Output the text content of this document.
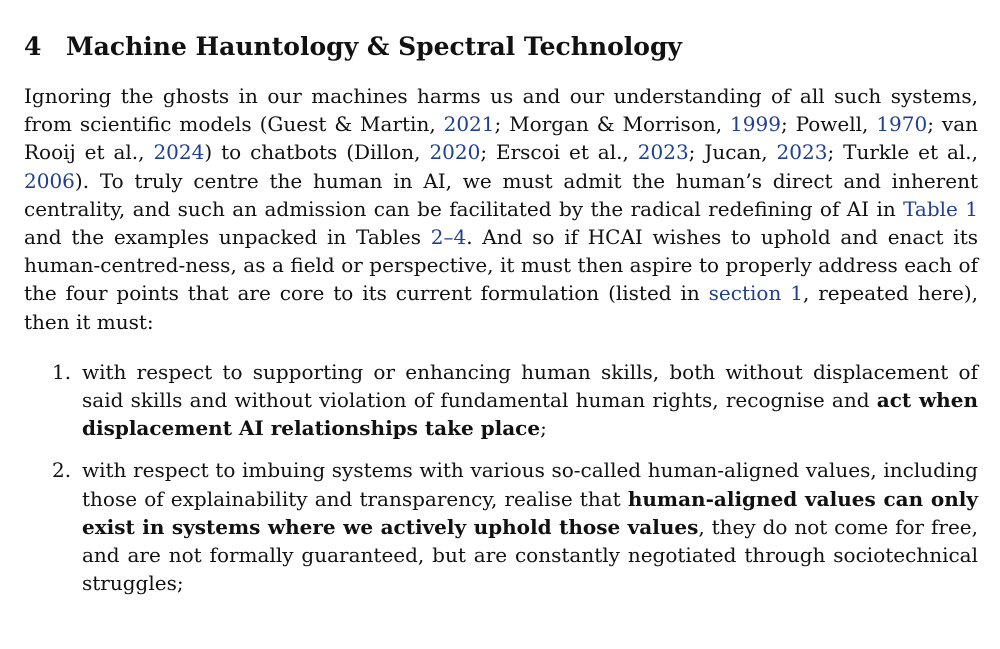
4 Machine Hauntology & Spectral Technology

Ignoring the ghosts in our machines harms us and our understanding of all such systems, from scientific models (Guest & Martin, 2021; Morgan & Morrison, 1999; Powell, 1970; van Rooij et al., 2024) to chatbots (Dillon, 2020; Erscoi et al., 2023; Jucan, 2023; Turkle et al., 2006). To truly centre the human in AI, we must admit the human’s direct and inherent centrality, and such an admission can be facilitated by the radical redefining of AI in Table 1 and the examples unpacked in Tables 2–4. And so if HCAI wishes to uphold and enact its human-centred-ness, as a field or perspective, it must then aspire to properly address each of the four points that are core to its current formulation (listed in section 1, repeated here), then it must:

1. with respect to supporting or enhancing human skills, both without displacement of said skills and without violation of fundamental human rights, recognise and act when displacement AI relationships take place;
2. with respect to imbuing systems with various so-called human-aligned values, including those of explainability and transparency, realise that human-aligned values can only exist in systems where we actively uphold those values, they do not come for free, and are not formally guaranteed, but are constantly negotiated through sociotechnical struggles;
